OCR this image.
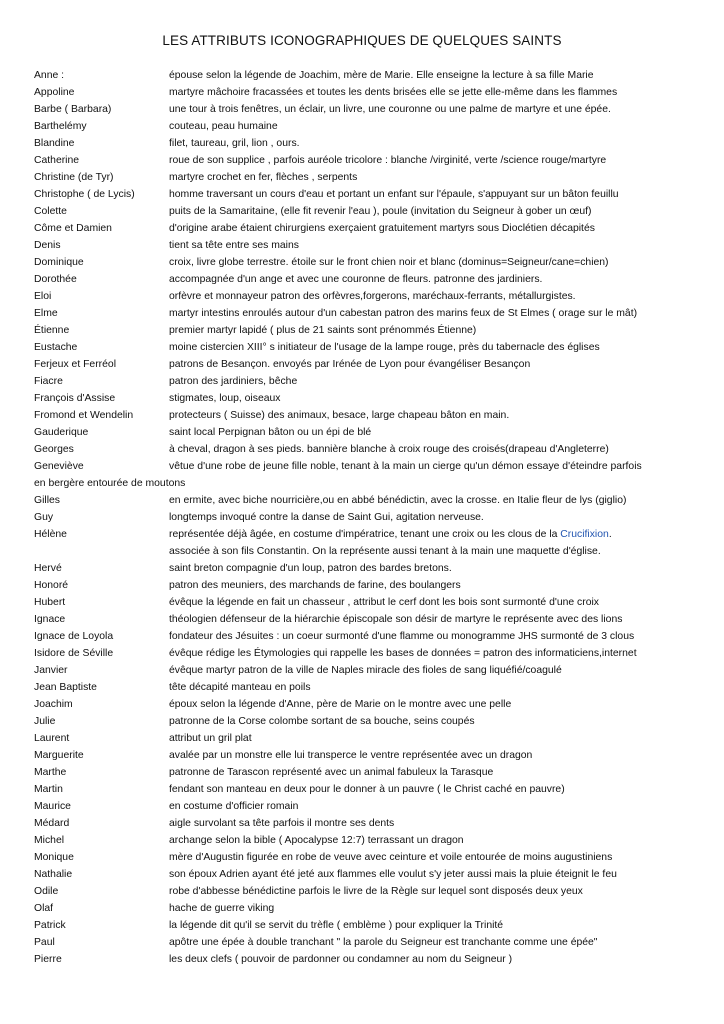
LES ATTRIBUTS ICONOGRAPHIQUES DE QUELQUES SAINTS
Anne :	épouse selon la légende de Joachim, mère de Marie. Elle enseigne la lecture à sa fille Marie
Appoline	martyre mâchoire fracassées et toutes les dents brisées elle se jette elle-même dans les flammes
Barbe ( Barbara)	une tour à trois fenêtres, un éclair, un livre, une couronne ou une palme de martyre et une épée.
Barthelémy	couteau, peau humaine
Blandine	filet, taureau, gril, lion , ours.
Catherine	roue de son supplice , parfois auréole tricolore : blanche /virginité, verte /science rouge/martyre
Christine (de Tyr)	martyre crochet en fer, flèches , serpents
Christophe ( de Lycis)	homme traversant un cours d'eau et portant un enfant sur l'épaule, s'appuyant sur un bâton feuillu
Colette	puits de la Samaritaine, (elle fit revenir l'eau ), poule (invitation du Seigneur à gober un œuf)
Côme et Damien	d'origine arabe étaient chirurgiens exerçaient gratuitement martyrs sous Dioclétien décapités
Denis	tient sa tête entre ses mains
Dominique	croix, livre globe terrestre. étoile sur le front chien noir et blanc (dominus=Seigneur/cane=chien)
Dorothée	accompagnée d'un ange et avec une couronne de fleurs. patronne des jardiniers.
Eloi	orfèvre et monnayeur patron des orfèvres,forgerons, maréchaux-ferrants, métallurgistes.
Elme	martyr intestins enroulés autour d'un cabestan patron des marins feux de St Elmes ( orage sur le mât)
Étienne	premier martyr lapidé ( plus de 21 saints sont prénommés Étienne)
Eustache	moine cistercien XIII° s initiateur de l'usage de la lampe rouge, près du tabernacle des églises
Ferjeux et Ferréol	patrons de Besançon. envoyés par Irénée de Lyon pour évangéliser Besançon
Fiacre	patron des jardiniers, bêche
François d'Assise	stigmates, loup, oiseaux
Fromond et Wendelin	protecteurs ( Suisse) des animaux, besace, large chapeau bâton en main.
Gauderique	saint local Perpignan bâton ou un épi de blé
Georges	à cheval, dragon à ses pieds. bannière blanche à croix rouge des croisés(drapeau d'Angleterre)
Geneviève	vêtue d'une robe de jeune fille noble, tenant à la main un cierge qu'un démon essaye d'éteindre parfois
en bergère entourée de moutons
Gilles	en ermite, avec biche nourricière,ou en abbé bénédictin, avec la crosse. en Italie fleur de lys (giglio)
Guy	longtemps invoqué contre la danse de Saint Gui, agitation nerveuse.
Hélène	représentée déjà âgée, en costume d'impératrice, tenant une croix ou les clous de la Crucifixion.
associée à son fils Constantin. On la représente aussi tenant à la main une maquette d'église.
Hervé	saint breton compagnie d'un loup, patron des bardes bretons.
Honoré	patron des meuniers, des marchands de farine, des boulangers
Hubert	évêque la légende en fait un chasseur , attribut le cerf dont les bois sont surmonté d'une croix
Ignace	théologien défenseur de la hiérarchie épiscopale son désir de martyre le représente avec des lions
Ignace de Loyola	fondateur des Jésuites : un coeur surmonté d'une flamme ou monogramme JHS surmonté de 3 clous
Isidore de Séville	évêque rédige les Étymologies qui rappelle les bases de données = patron des informaticiens,internet
Janvier	évêque martyr patron de la ville de Naples miracle des fioles de sang liquéfié/coagulé
Jean Baptiste	tête décapité manteau en poils
Joachim	époux selon la légende d'Anne, père de Marie on le montre avec une pelle
Julie	patronne de la Corse colombe sortant de sa bouche, seins coupés
Laurent	attribut un gril plat
Marguerite	avalée par un monstre elle lui transperce le ventre représentée avec un dragon
Marthe	patronne de Tarascon représenté avec un animal fabuleux la Tarasque
Martin	fendant son manteau en deux pour le donner à un pauvre ( le Christ caché en pauvre)
Maurice	en costume d'officier romain
Médard	aigle survolant sa tête parfois il montre ses dents
Michel	archange selon la bible ( Apocalypse 12:7) terrassant un dragon
Monique	mère d'Augustin figurée en robe de veuve avec ceinture et voile entourée de moins augustiniens
Nathalie	son époux Adrien ayant été jeté aux flammes elle voulut s'y jeter aussi mais la pluie éteignit le feu
Odile	robe d'abbesse bénédictine parfois le livre de la Règle sur lequel sont disposés deux yeux
Olaf	hache de guerre viking
Patrick	la légende dit qu'il se servit du trèfle ( emblème ) pour expliquer la Trinité
Paul	apôtre une épée à double tranchant " la parole du Seigneur est tranchante comme une épée"
Pierre	les deux clefs ( pouvoir de pardonner ou condamner au nom du Seigneur )
